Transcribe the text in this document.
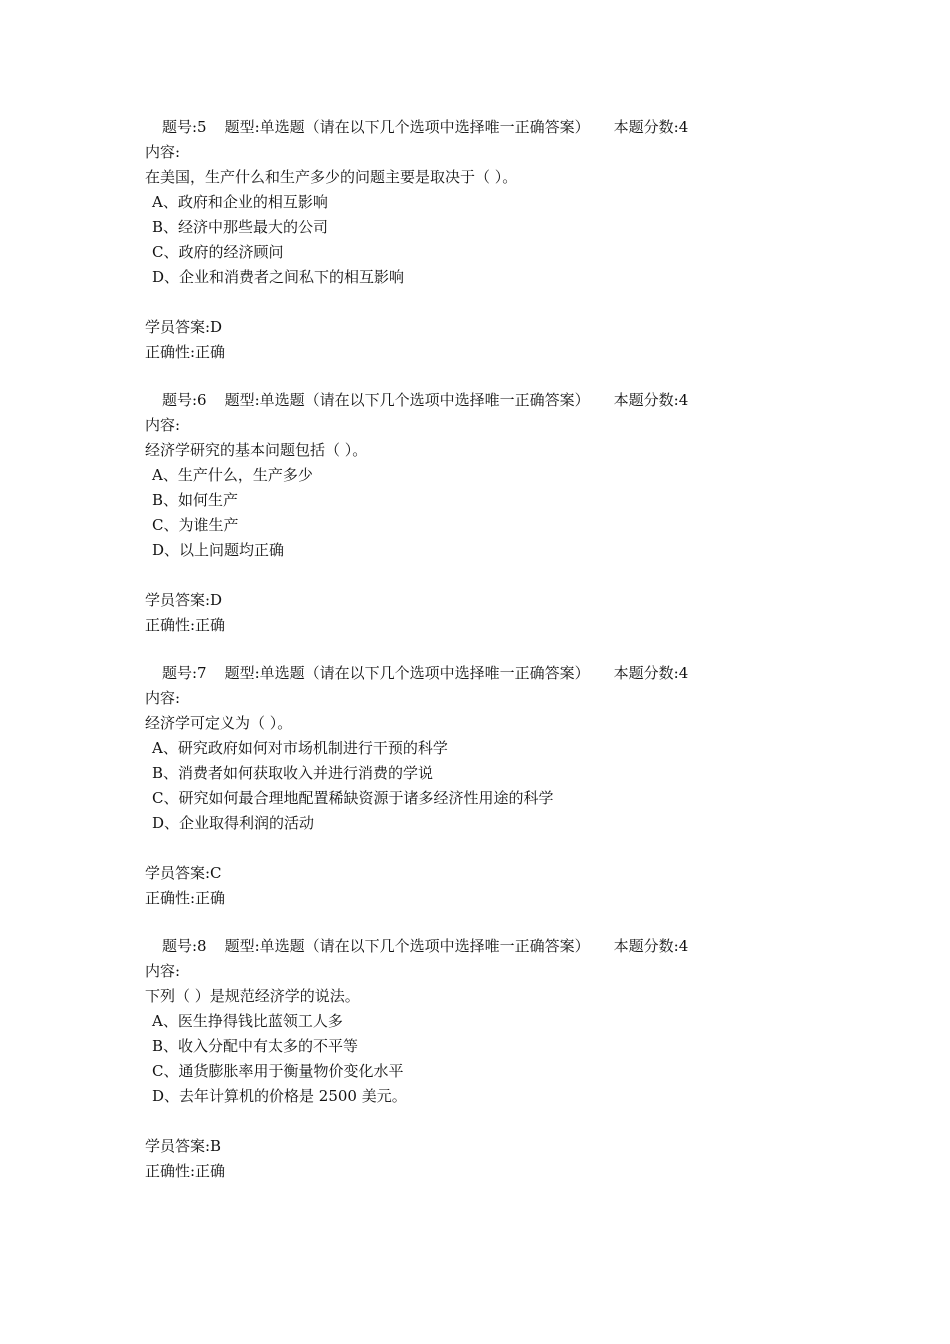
题号:5 题型:单选题（请在以下几个选项中选择唯一正确答案） 本题分数:4
内容:
在美国，生产什么和生产多少的问题主要是取决于（ ）。
A、政府和企业的相互影响
B、经济中那些最大的公司
C、政府的经济顾问
D、企业和消费者之间私下的相互影响
学员答案:D
正确性:正确
题号:6 题型:单选题（请在以下几个选项中选择唯一正确答案） 本题分数:4
内容:
经济学研究的基本问题包括（ ）。
A、生产什么，生产多少
B、如何生产
C、为谁生产
D、以上问题均正确
学员答案:D
正确性:正确
题号:7 题型:单选题（请在以下几个选项中选择唯一正确答案） 本题分数:4
内容:
经济学可定义为（ ）。
A、研究政府如何对市场机制进行干预的科学
B、消费者如何获取收入并进行消费的学说
C、研究如何最合理地配置稀缺资源于诸多经济性用途的科学
D、企业取得利润的活动
学员答案:C
正确性:正确
题号:8 题型:单选题（请在以下几个选项中选择唯一正确答案） 本题分数:4
内容:
下列（ ）是规范经济学的说法。
A、医生挣得钱比蓝领工人多
B、收入分配中有太多的不平等
C、通货膨胀率用于衡量物价变化水平
D、去年计算机的价格是 2500 美元。
学员答案:B
正确性:正确
